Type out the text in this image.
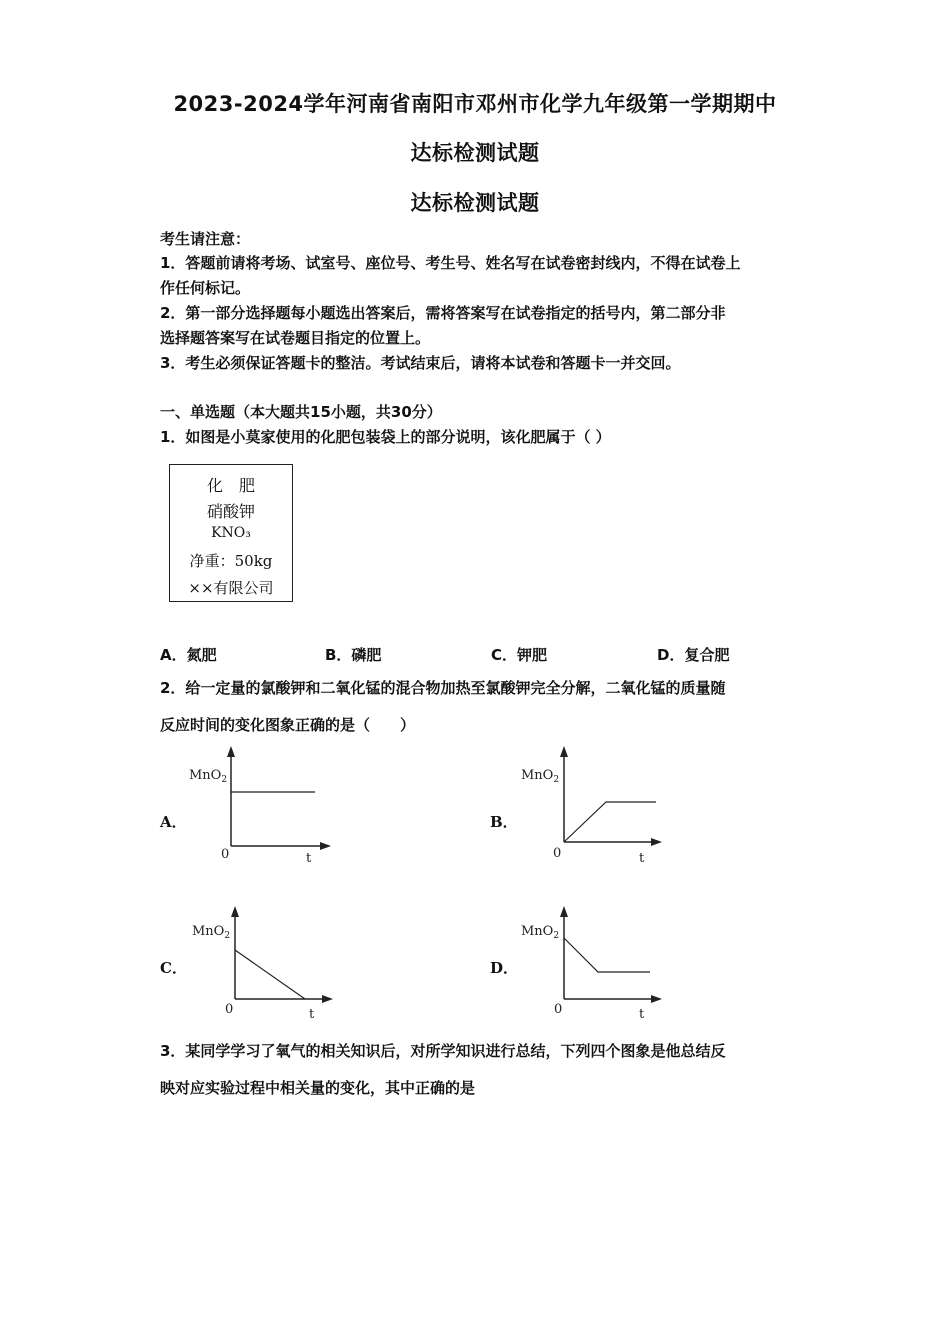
2023-2024学年河南省南阳市邓州市化学九年级第一学期期中
达标检测试题
达标检测试题
考生请注意：
1．答题前请将考场、试室号、座位号、考生号、姓名写在试卷密封线内，不得在试卷上
作任何标记。
2．第一部分选择题每小题选出答案后，需将答案写在试卷指定的括号内，第二部分非
选择题答案写在试卷题目指定的位置上。
3．考生必须保证答题卡的整洁。考试结束后，请将本试卷和答题卡一并交回。
一、单选题（本大题共15小题，共30分）
1．如图是小莫家使用的化肥包装袋上的部分说明，该化肥属于（ ）
化　肥
硝酸钾
KNO₃
净重：50kg
××有限公司
A．氮肥	B．磷肥	C．钾肥	D．复合肥
2．给一定量的氯酸钾和二氧化锰的混合物加热至氯酸钾完全分解，二氧化锰的质量随
反应时间的变化图象正确的是（　　）
A．
MnO$_2$
0	t
B．
MnO$_2$
0	t
C．
MnO$_2$
0	t
D．
MnO$_2$
0	t
3．某同学学习了氧气的相关知识后，对所学知识进行总结，下列四个图象是他总结反
映对应实验过程中相关量的变化，其中正确的是
